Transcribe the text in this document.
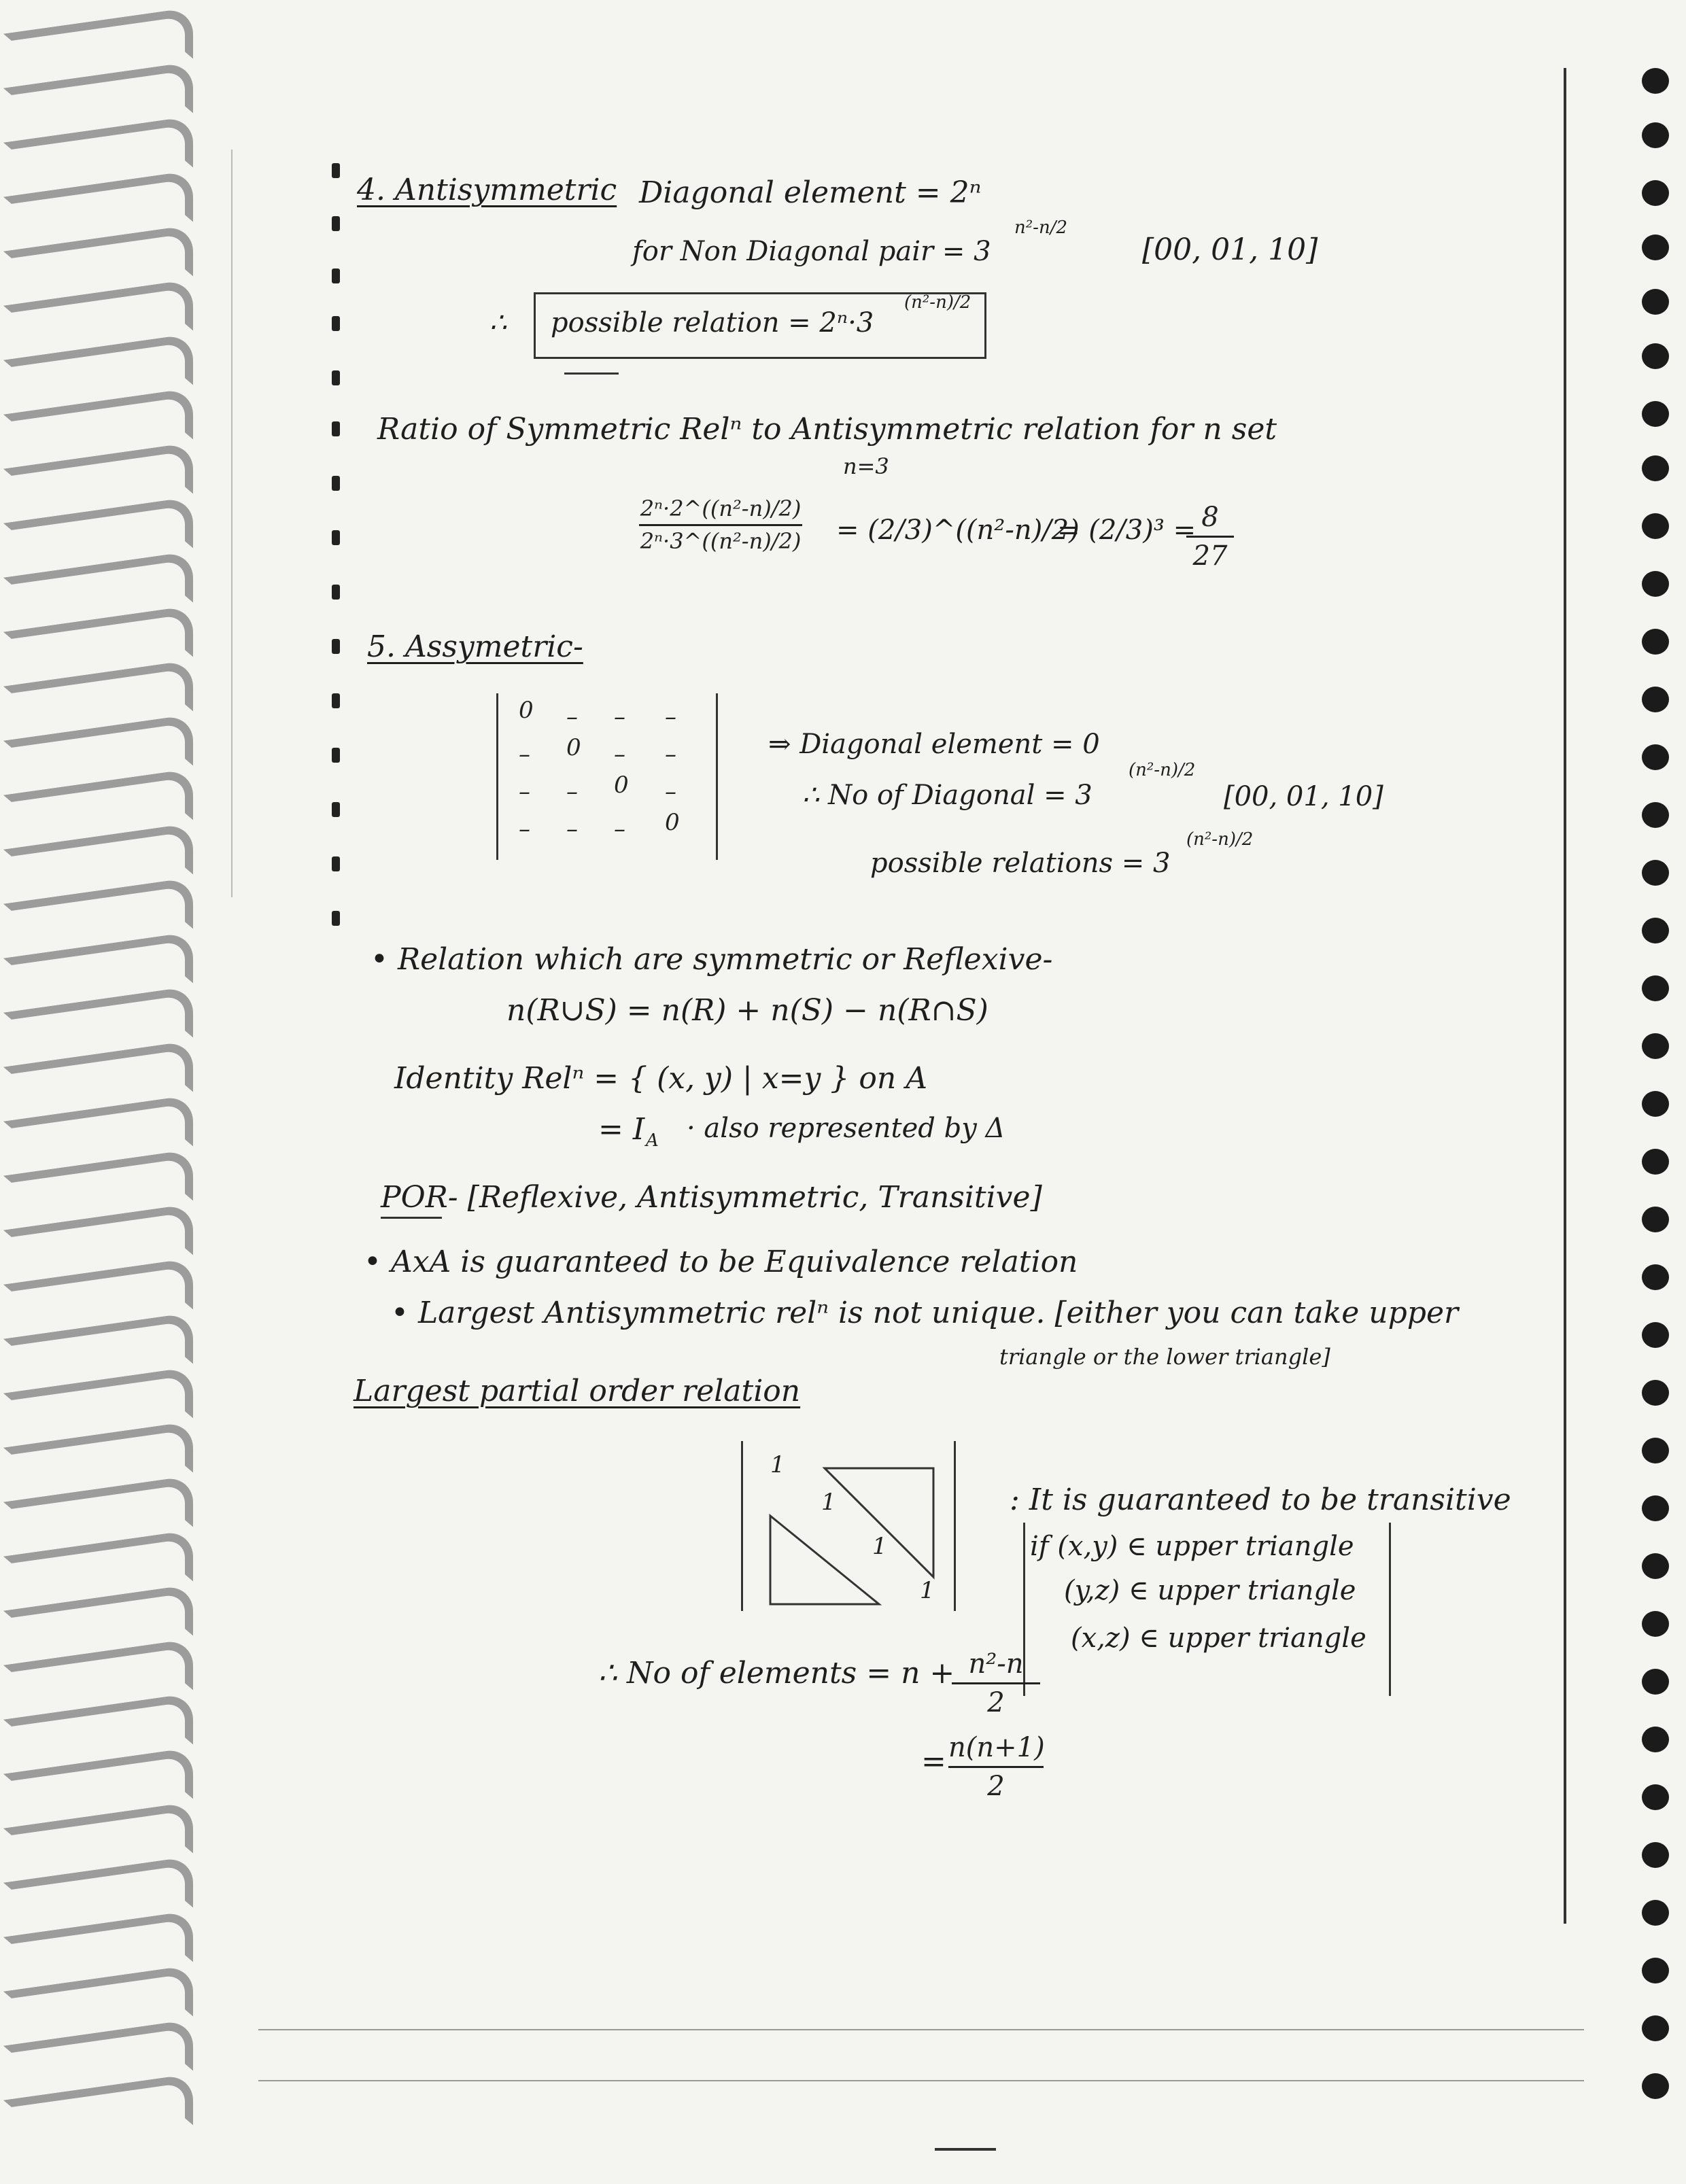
4. Antisymmetric Diagonal element = 2ⁿ
for Non Diagonal pair = 3
n²-n/2
[00, 01, 10]
∴ possible relation = 2ⁿ·3
(n²-n)/2
Ratio of Symmetric Relⁿ to Antisymmetric relation for n set
n=3
2ⁿ·2^((n²-n)/2)
2ⁿ·3^((n²-n)/2) = (2/3)^((n²-n)/2)
= (2/3)³ = 8
27
5. Assymetric-
0 – – –
– 0 – –
– – 0 –
– – – 0
⇒ Diagonal element = 0
∴ No of Diagonal = 3
(n²-n)/2
[00, 01, 10]
possible relations = 3
(n²-n)/2
• Relation which are symmetric or Reflexive-
n(R∪S) = n(R) + n(S) − n(R∩S)
Identity Relⁿ = { (x, y) | x=y } on A
= I A · also represented by Δ
POR- [Reflexive, Antisymmetric, Transitive]
• AxA is guaranteed to be Equivalence relation
• Largest Antisymmetric relⁿ is not unique. [either you can take upper
triangle or the lower triangle]
Largest partial order relation
1
1
1
1
: It is guaranteed to be transitive
if (x,y) ∈ upper triangle
(y,z) ∈ upper triangle
(x,z) ∈ upper triangle
∴ No of elements = n + n²-n
2
= n(n+1)
2
